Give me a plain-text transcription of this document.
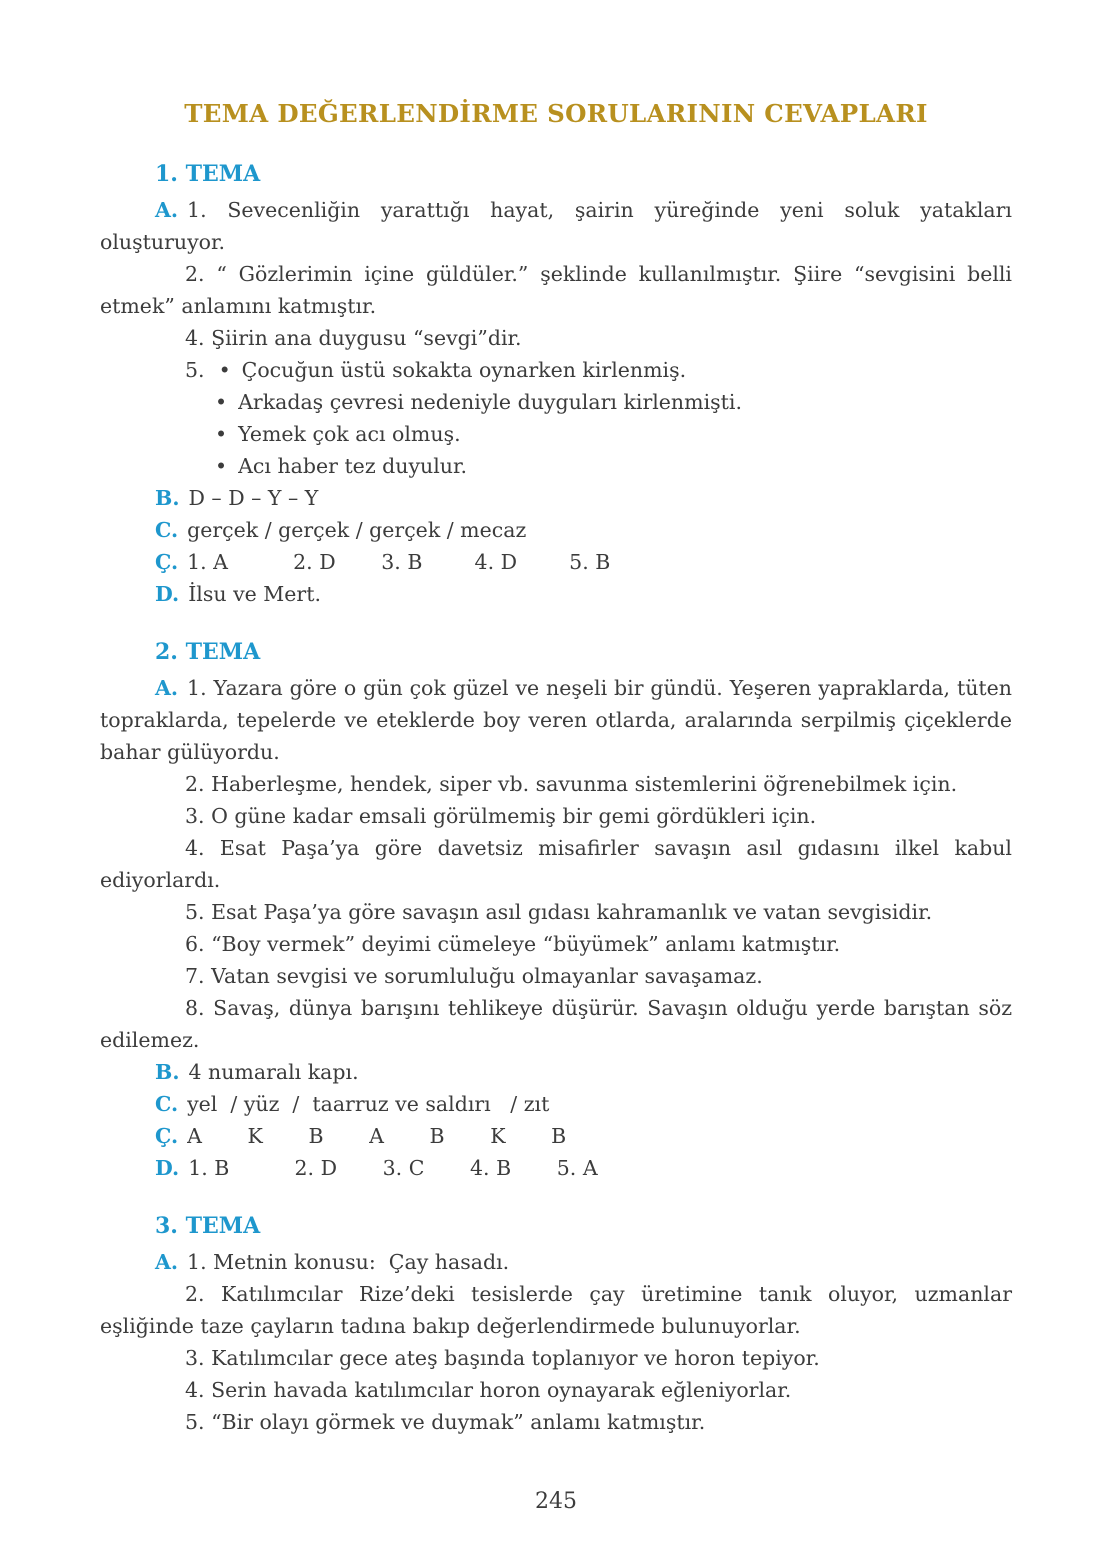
TEMA DEĞERLENDİRME SORULARININ CEVAPLARI
1. TEMA

A. 1. Sevecenliğin yarattığı hayat, şairin yüreğinde yeni soluk yatakları oluşturuyor.

2. “ Gözlerimin içine güldüler.” şeklinde kullanılmıştır. Şiire “sevgisini belli etmek” anlamını katmıştır.

4. Şiirin ana duygusu “sevgi”dir.

5. • Çocuğun üstü sokakta oynarken kirlenmiş.

• Arkadaş çevresi nedeniyle duyguları kirlenmişti.

• Yemek çok acı olmuş.

• Acı haber tez duyulur.

B. D – D – Y – Y

C. gerçek / gerçek / gerçek / mecaz

Ç. 1. A          2. D       3. B        4. D        5. B

D. İlsu ve Mert.

2. TEMA

A. 1. Yazara göre o gün çok güzel ve neşeli bir gündü. Yeşeren yapraklarda, tüten topraklarda, tepelerde ve eteklerde boy veren otlarda, aralarında serpilmiş çiçeklerde bahar gülüyordu.

2. Haberleşme, hendek, siper vb. savunma sistemlerini öğrenebilmek için.

3. O güne kadar emsali görülmemiş bir gemi gördükleri için.

4. Esat Paşa’ya göre davetsiz misafirler savaşın asıl gıdasını ilkel kabul ediyorlardı.

5. Esat Paşa’ya göre savaşın asıl gıdası kahramanlık ve vatan sevgisidir.

6. “Boy vermek” deyimi cümeleye “büyümek” anlamı katmıştır.

7. Vatan sevgisi ve sorumluluğu olmayanlar savaşamaz.

8. Savaş, dünya barışını tehlikeye düşürür. Savaşın olduğu yerde barıştan söz edilemez.

B. 4 numaralı kapı.

C. yel  / yüz  /  taarruz ve saldırı   / zıt

Ç. A       K       B       A       B       K       B

D. 1. B          2. D       3. C       4. B       5. A

3. TEMA

A. 1. Metnin konusu:  Çay hasadı.

2. Katılımcılar Rize’deki tesislerde çay üretimine tanık oluyor, uzmanlar eşliğinde taze çayların tadına bakıp değerlendirmede bulunuyorlar.

3. Katılımcılar gece ateş başında toplanıyor ve horon tepiyor.

4. Serin havada katılımcılar horon oynayarak eğleniyorlar.

5. “Bir olayı görmek ve duymak” anlamı katmıştır.

245
